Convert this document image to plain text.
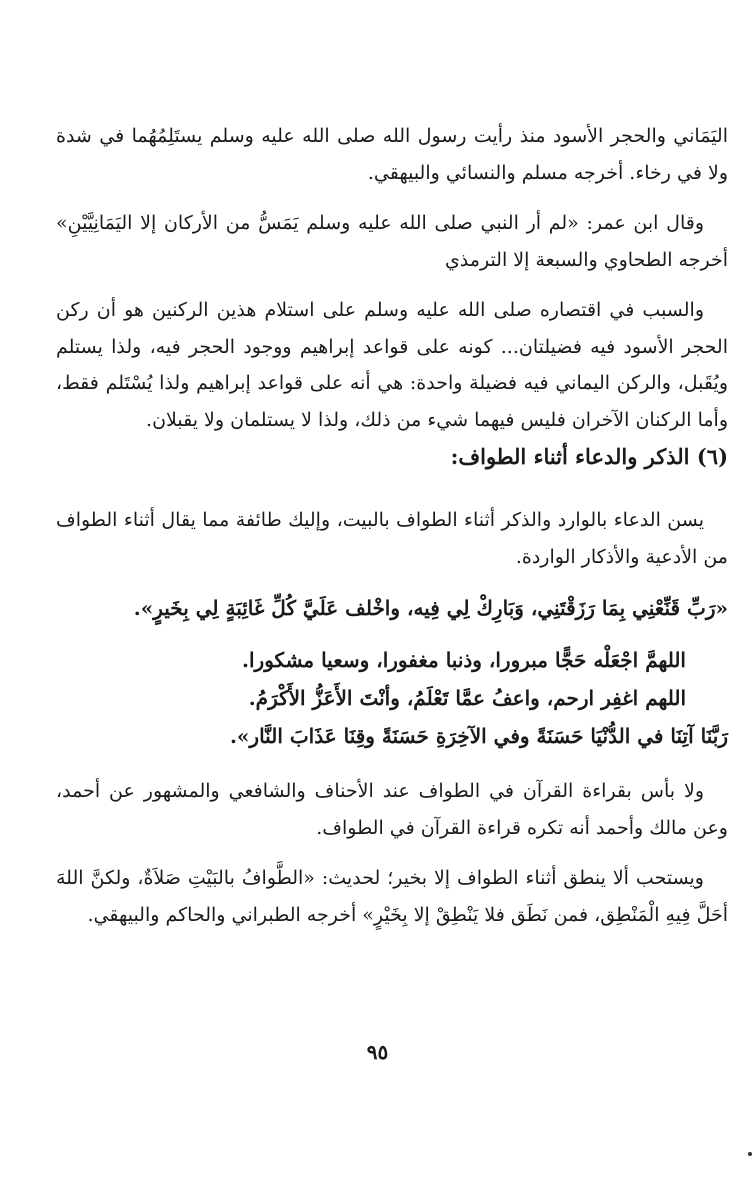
اليَمَاني والحجر الأسود منذ رأيت رسول الله صلى الله عليه وسلم يستَلِمُهُما في شدة ولا في رخاء. أخرجه مسلم والنسائي والبيهقي.

وقال ابن عمر: «لم أر النبي صلى الله عليه وسلم يَمَسُّ من الأركان إلا اليَمَانِيَّيْنِ» أخرجه الطحاوي والسبعة إلا الترمذي

والسبب في اقتصاره صلى الله عليه وسلم على استلام هذين الركنين هو أن ركن الحجر الأسود فيه فضيلتان... كونه على قواعد إبراهيم ووجود الحجر فيه، ولذا يستلم ويُقَبل، والركن اليماني فيه فضيلة واحدة: هي أنه على قواعد إبراهيم ولذا يُسْتَلم فقط، وأما الركنان الآخران فليس فيهما شيء من ذلك، ولذا لا يستلمان ولا يقبلان.

(٦) الذكر والدعاء أثناء الطواف:

يسن الدعاء بالوارد والذكر أثناء الطواف بالبيت، وإليك طائفة مما يقال أثناء الطواف من الأدعية والأذكار الواردة.

«رَبِّ قَنِّعْنِي بِمَا رَزَقْتَنِي، وَبَارِكْ لِي فِيه، واخْلف عَلَيَّ كُلِّ غَائِبَةٍ لِي بِخَيرٍ».

اللهمَّ اجْعَلْه حَجًّا مبرورا، وذنبا مغفورا، وسعيا مشكورا.

اللهم اغفِر ارحم، واعفُ عمَّا تَعْلَمُ، وأنْتَ الأَعَزُّ الأَكْرَمُ.

رَبَّنَا آتِنَا في الدُّنْيَا حَسَنَةً وفي الآخِرَةِ حَسَنَةً وقِنَا عَذَابَ النَّار».

ولا بأس بقراءة القرآن في الطواف عند الأحناف والشافعي والمشهور عن أحمد، وعن مالك وأحمد أنه تكره قراءة القرآن في الطواف.

ويستحب ألا ينطق أثناء الطواف إلا بخير؛ لحديث: «الطَّوافُ بالبَيْتِ صَلاَةٌ، ولكنَّ اللهَ أحَلَّ فِيهِ الْمَنْطِق، فمن نَطَق فلا يَنْطِقْ إلا بِخَيْرٍ» أخرجه الطبراني والحاكم والبيهقي.

٩٥
